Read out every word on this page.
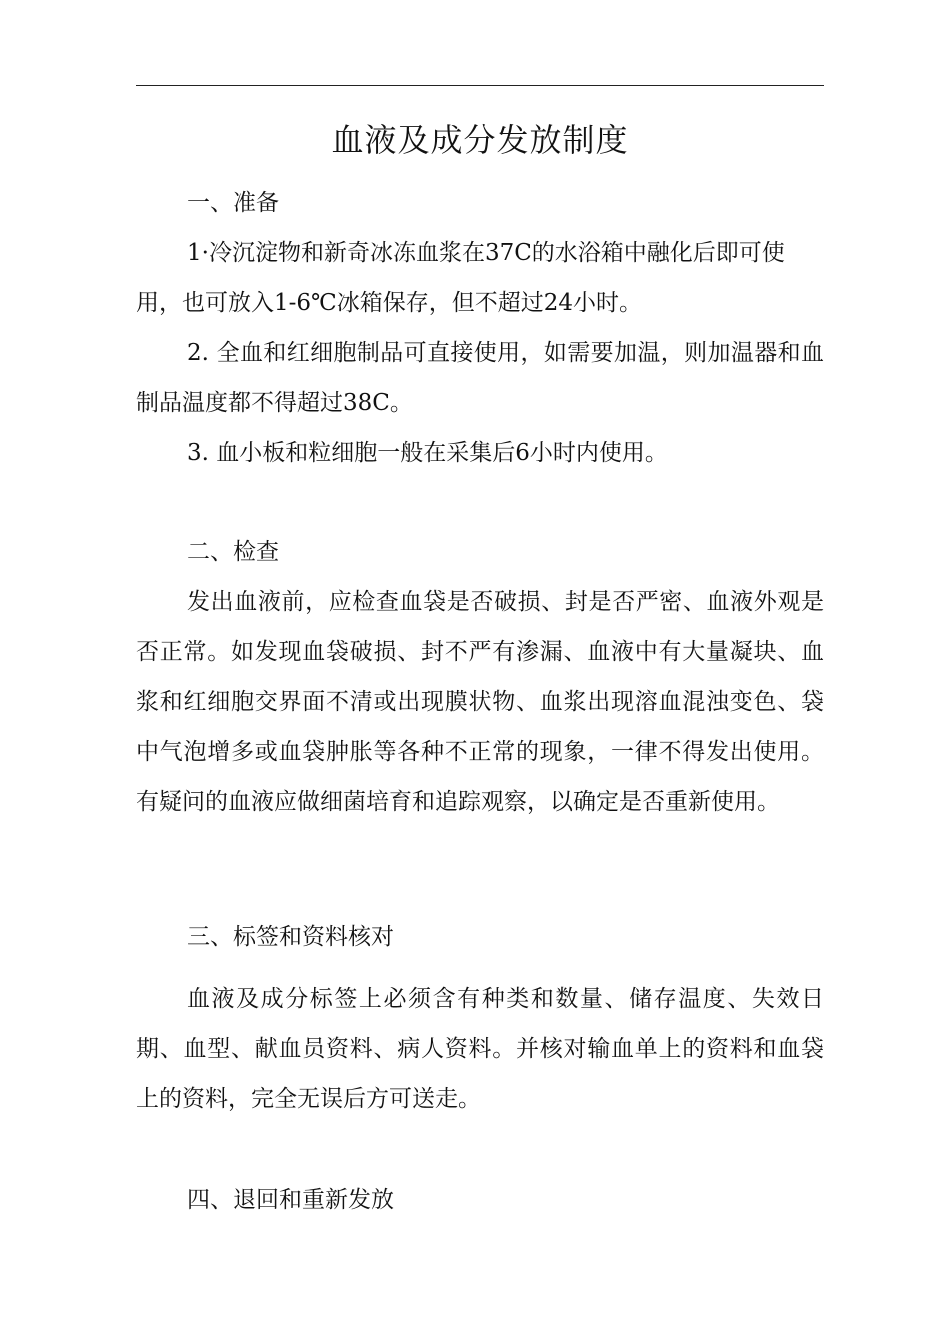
血液及成分发放制度
一、准备

1·冷沉淀物和新奇冰冻血浆在37C的水浴箱中融化后即可使用，也可放入1-6℃冰箱保存，但不超过24小时。

2. 全血和红细胞制品可直接使用，如需要加温，则加温器和血制品温度都不得超过38C。

3. 血小板和粒细胞一般在采集后6小时内使用。

二、检查

发出血液前，应检查血袋是否破损、封是否严密、血液外观是否正常。如发现血袋破损、封不严有渗漏、血液中有大量凝块、血浆和红细胞交界面不清或出现膜状物、血浆出现溶血混浊变色、袋中气泡增多或血袋肿胀等各种不正常的现象，一律不得发出使用。有疑问的血液应做细菌培育和追踪观察，以确定是否重新使用。

三、标签和资料核对

血液及成分标签上必须含有种类和数量、储存温度、失效日期、血型、献血员资料、病人资料。并核对输血单上的资料和血袋上的资料，完全无误后方可送走。

四、退回和重新发放
